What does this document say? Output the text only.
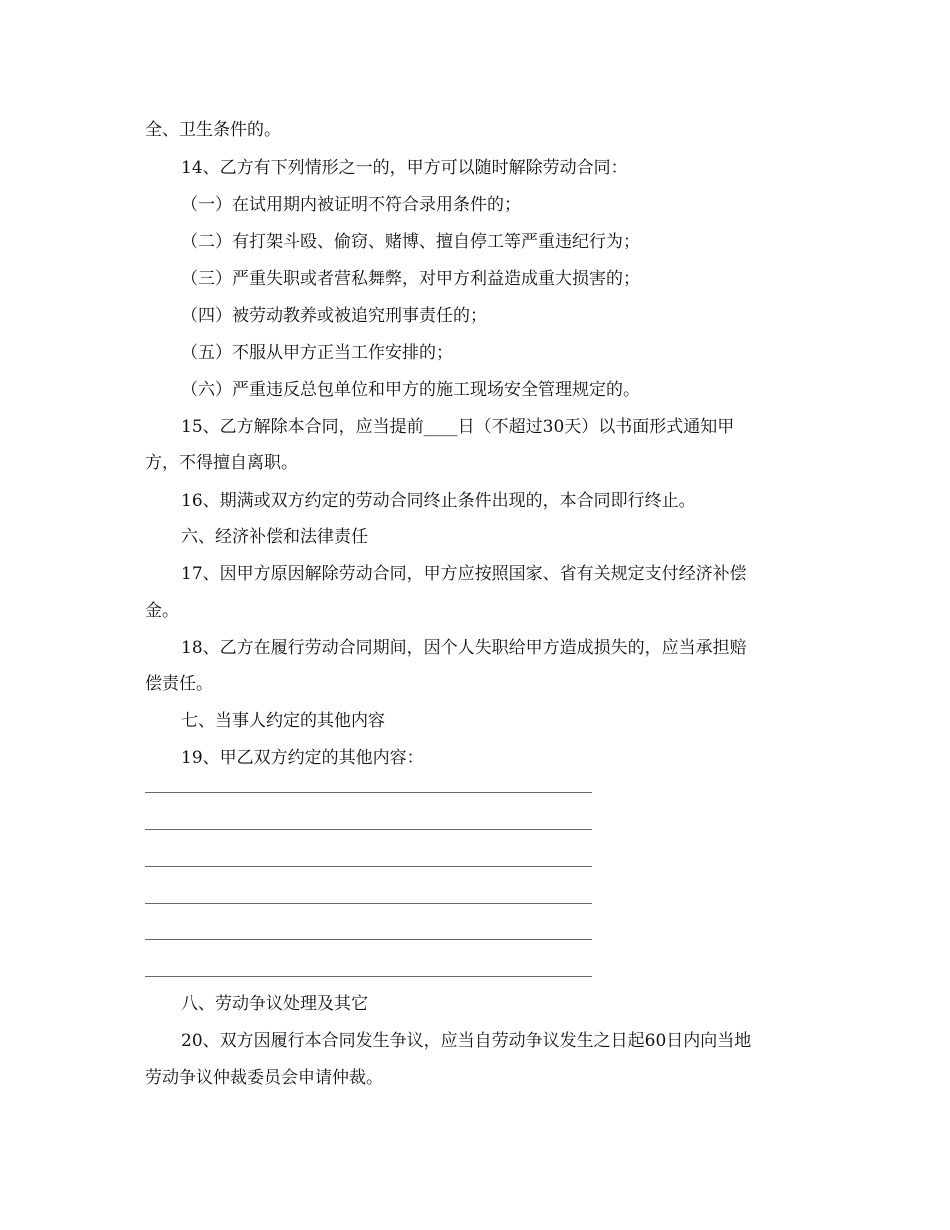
全、卫生条件的。
14、乙方有下列情形之一的，甲方可以随时解除劳动合同：
（一）在试用期内被证明不符合录用条件的；
（二）有打架斗殴、偷窃、赌博、擅自停工等严重违纪行为；
（三）严重失职或者营私舞弊，对甲方利益造成重大损害的；
（四）被劳动教养或被追究刑事责任的；
（五）不服从甲方正当工作安排的；
（六）严重违反总包单位和甲方的施工现场安全管理规定的。
15、乙方解除本合同，应当提前____日（不超过30天）以书面形式通知甲
方，不得擅自离职。
16、期满或双方约定的劳动合同终止条件出现的，本合同即行终止。
六、经济补偿和法律责任
17、因甲方原因解除劳动合同，甲方应按照国家、省有关规定支付经济补偿
金。
18、乙方在履行劳动合同期间，因个人失职给甲方造成损失的，应当承担赔
偿责任。
七、当事人约定的其他内容
19、甲乙双方约定的其他内容：
八、劳动争议处理及其它
20、双方因履行本合同发生争议，应当自劳动争议发生之日起60日内向当地
劳动争议仲裁委员会申请仲裁。
